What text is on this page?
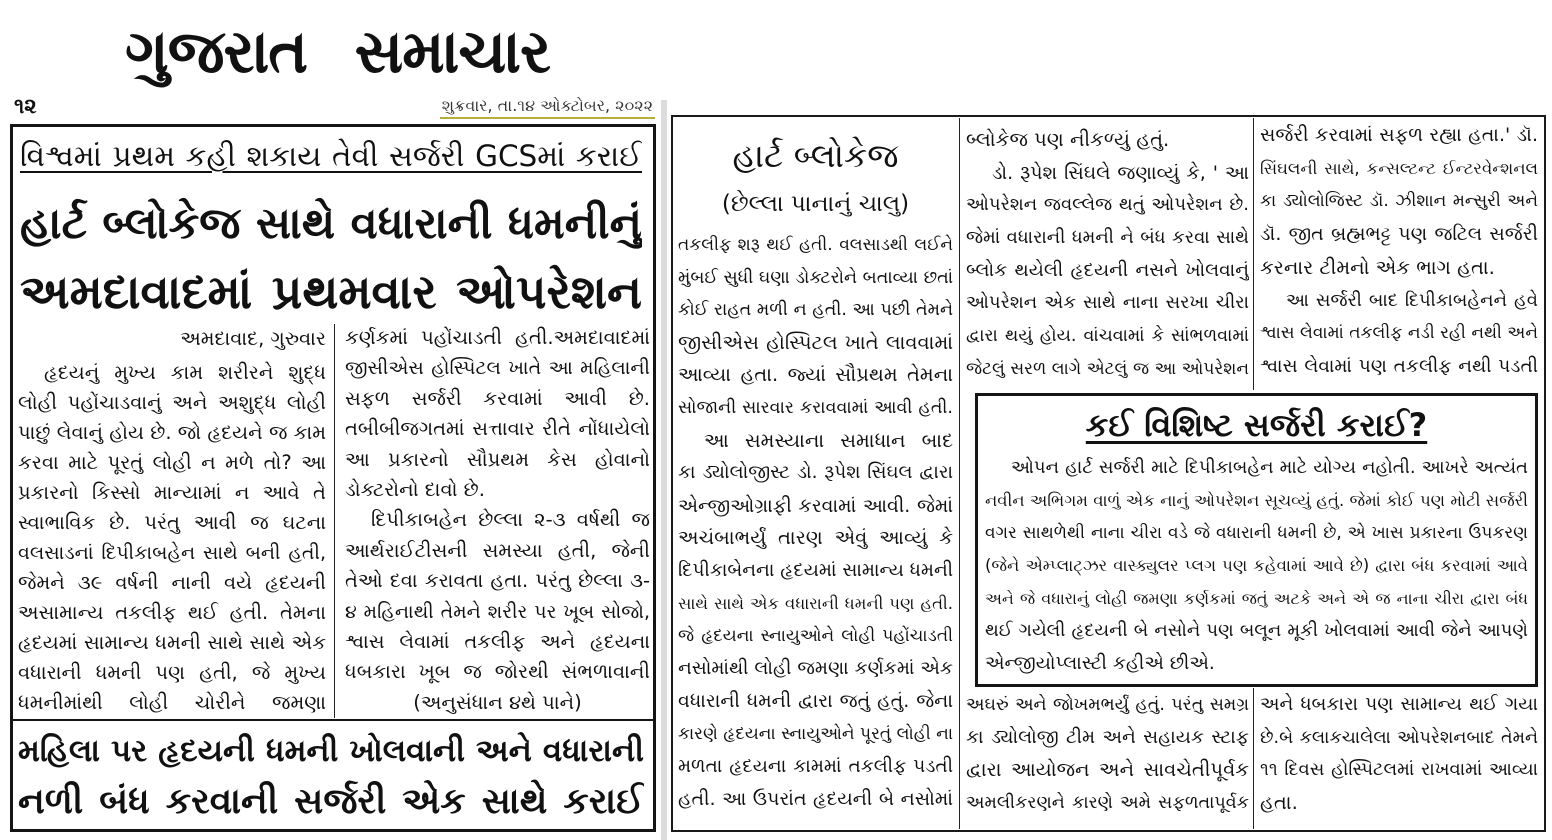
ગુજરાત સમાચાર
૧૨	શુક્રવાર, તા.૧૪ ઓક્ટોબર, ૨૦૨૨
વિશ્વમાં પ્રથમ કહી શકાય તેવી સર્જરી GCSમાં કરાઈ
હાર્ટ બ્લોકેજ સાથે વધારાની ધમનીનું
અમદાવાદમાં પ્રથમવાર ઓપરેશન
અમદાવાદ, ગુરુવાર
હૃદયનું મુખ્ય કામ શરીરને શુદ્ધ
લોહી પહોંચાડવાનું અને અશુદ્ધ લોહી
પાછું લેવાનું હોય છે. જો હૃદયને જ કામ
કરવા માટે પૂરતું લોહી ન મળે તો? આ
પ્રકારનો કિસ્સો માન્યામાં ન આવે તે
સ્વાભાવિક છે. પરંતુ આવી જ ઘટના
વલસાડનાં દિપીકાબહેન સાથે બની હતી,
જેમને ૩૯ વર્ષની નાની વયે હૃદયની
અસામાન્ય તકલીફ થઈ હતી. તેમના
હૃદયમાં સામાન્ય ધમની સાથે સાથે એક
વધારાની ધમની પણ હતી, જે મુખ્ય
ધમનીમાંથી લોહી ચોરીને જમણા
કર્ણકમાં પહોંચાડતી હતી.અમદાવાદમાં
જીસીએસ હોસ્પિટલ ખાતે આ મહિલાની
સફળ સર્જરી કરવામાં આવી છે.
તબીબીજગતમાં સત્તાવાર રીતે નોંધાયેલો
આ પ્રકારનો સૌપ્રથમ કેસ હોવાનો
ડોક્ટરોનો દાવો છે.
દિપીકાબહેન છેલ્લા ૨-૩ વર્ષથી જ
આર્થરાઈટીસની સમસ્યા હતી, જેની
તેઓ દવા કરાવતા હતા. પરંતુ છેલ્લા ૩-
૪ મહિનાથી તેમને શરીર પર ખૂબ સોજો,
શ્વાસ લેવામાં તકલીફ અને હૃદયના
ધબકારા ખૂબ જ જોરથી સંભળાવાની
(અનુસંધાન ૪થે પાને)
મહિલા પર હૃદયની ધમની ખોલવાની અને વધારાની
નળી બંધ કરવાની સર્જરી એક સાથે કરાઈ
હાર્ટ બ્લોકેજ
(છેલ્લા પાનાનું ચાલુ)
તકલીફ શરૂ થઈ હતી. વલસાડથી લઈને
મુંબઈ સુધી ઘણા ડોક્ટરોને બતાવ્યા છતાં
કોઈ રાહત મળી ન હતી. આ પછી તેમને
જીસીએસ હોસ્પિટલ ખાતે લાવવામાં
આવ્યા હતા. જ્યાં સૌપ્રથમ તેમના
સોજાની સારવાર કરાવવામાં આવી હતી.
આ સમસ્યાના સમાધાન બાદ
કા ડ્યોલોજીસ્ટ ડો. રૂપેશ સિંઘલ દ્વારા
એન્જીઓગ્રાફી કરવામાં આવી. જેમાં
અચંબાભર્યું તારણ એવું આવ્યું કે
દિપીકાબેનના હૃદયમાં સામાન્ય ધમની
સાથે સાથે એક વધારાની ધમની પણ હતી.
જે હૃદયના સ્નાયુઓને લોહી પહોંચાડતી
નસોમાંથી લોહી જમણા કર્ણકમાં એક
વધારાની ધમની દ્વારા જતું હતું. જેના
કારણે હૃદયના સ્નાયુઓને પૂરતું લોહી ના
મળતા હૃદયના કામમાં તકલીફ પડતી
હતી. આ ઉપરાંત હૃદયની બે નસોમાં
બ્લોકેજ પણ નીકળ્યું હતું.
ડો. રૂપેશ સિંઘલે જણાવ્યું કે, ' આ
ઓપરેશન જવલ્લેજ થતું ઓપરેશન છે.
જેમાં વધારાની ધમની ને બંધ કરવા સાથે
બ્લોક થયેલી હૃદયની નસને ખોલવાનું
ઓપરેશન એક સાથે નાના સરખા ચીરા
દ્વારા થયું હોય. વાંચવામાં કે સાંભળવામાં
જેટલું સરળ લાગે એટલું જ આ ઓપરેશન
સર્જરી કરવામાં સફળ રહ્યા હતા.' ડૉ.
સિંઘલની સાથે, કન્સલ્ટન્ટ ઈન્ટરવેન્શનલ
કા ડ્યોલોજિસ્ટ ડૉ. ઝીશાન મન્સુરી અને
ડૉ. જીત બ્રહ્મભટ્ટ પણ જટિલ સર્જરી
કરનાર ટીમનો એક ભાગ હતા.
આ સર્જરી બાદ દિપીકાબહેનને હવે
શ્વાસ લેવામાં તકલીફ નડી રહી નથી અને
શ્વાસ લેવામાં પણ તકલીફ નથી પડતી
કઈ વિશિષ્ટ સર્જરી કરાઈ?
ઓપન હાર્ટ સર્જરી માટે દિપીકાબહેન માટે યોગ્ય નહોતી. આખરે અત્યંત
નવીન અભિગમ વાળું એક નાનું ઓપરેશન સૂચવ્યું હતું. જેમાં કોઈ પણ મોટી સર્જરી
વગર સાથળેથી નાના ચીરા વડે જે વધારાની ધમની છે, એ ખાસ પ્રકારના ઉપકરણ
(જેને એમ્પ્લાટ્ઝર વાસ્ક્યુલર પ્લગ પણ કહેવામાં આવે છે) દ્વારા બંધ કરવામાં આવે
અને જે વધારાનું લોહી જમણા કર્ણકમાં જતું અટકે અને એ જ નાના ચીરા દ્વારા બંધ
થઈ ગયેલી હૃદયની બે નસોને પણ બલૂન મૂકી ખોલવામાં આવી જેને આપણે
એન્જીયોપ્લાસ્ટી કહીએ છીએ.
અઘરું અને જોખમભર્યું હતું. પરંતુ સમગ્ર
કા ડ્યોલોજી ટીમ અને સહાયક સ્ટાફ
દ્વારા આયોજન અને સાવચેતીપૂર્વક
અમલીકરણને કારણે અમે સફળતાપૂર્વક
અને ધબકારા પણ સામાન્ય થઈ ગયા
છે.બે કલાકચાલેલા ઓપરેશનબાદ તેમને
૧૧ દિવસ હોસ્પિટલમાં રાખવામાં આવ્યા
હતા.
